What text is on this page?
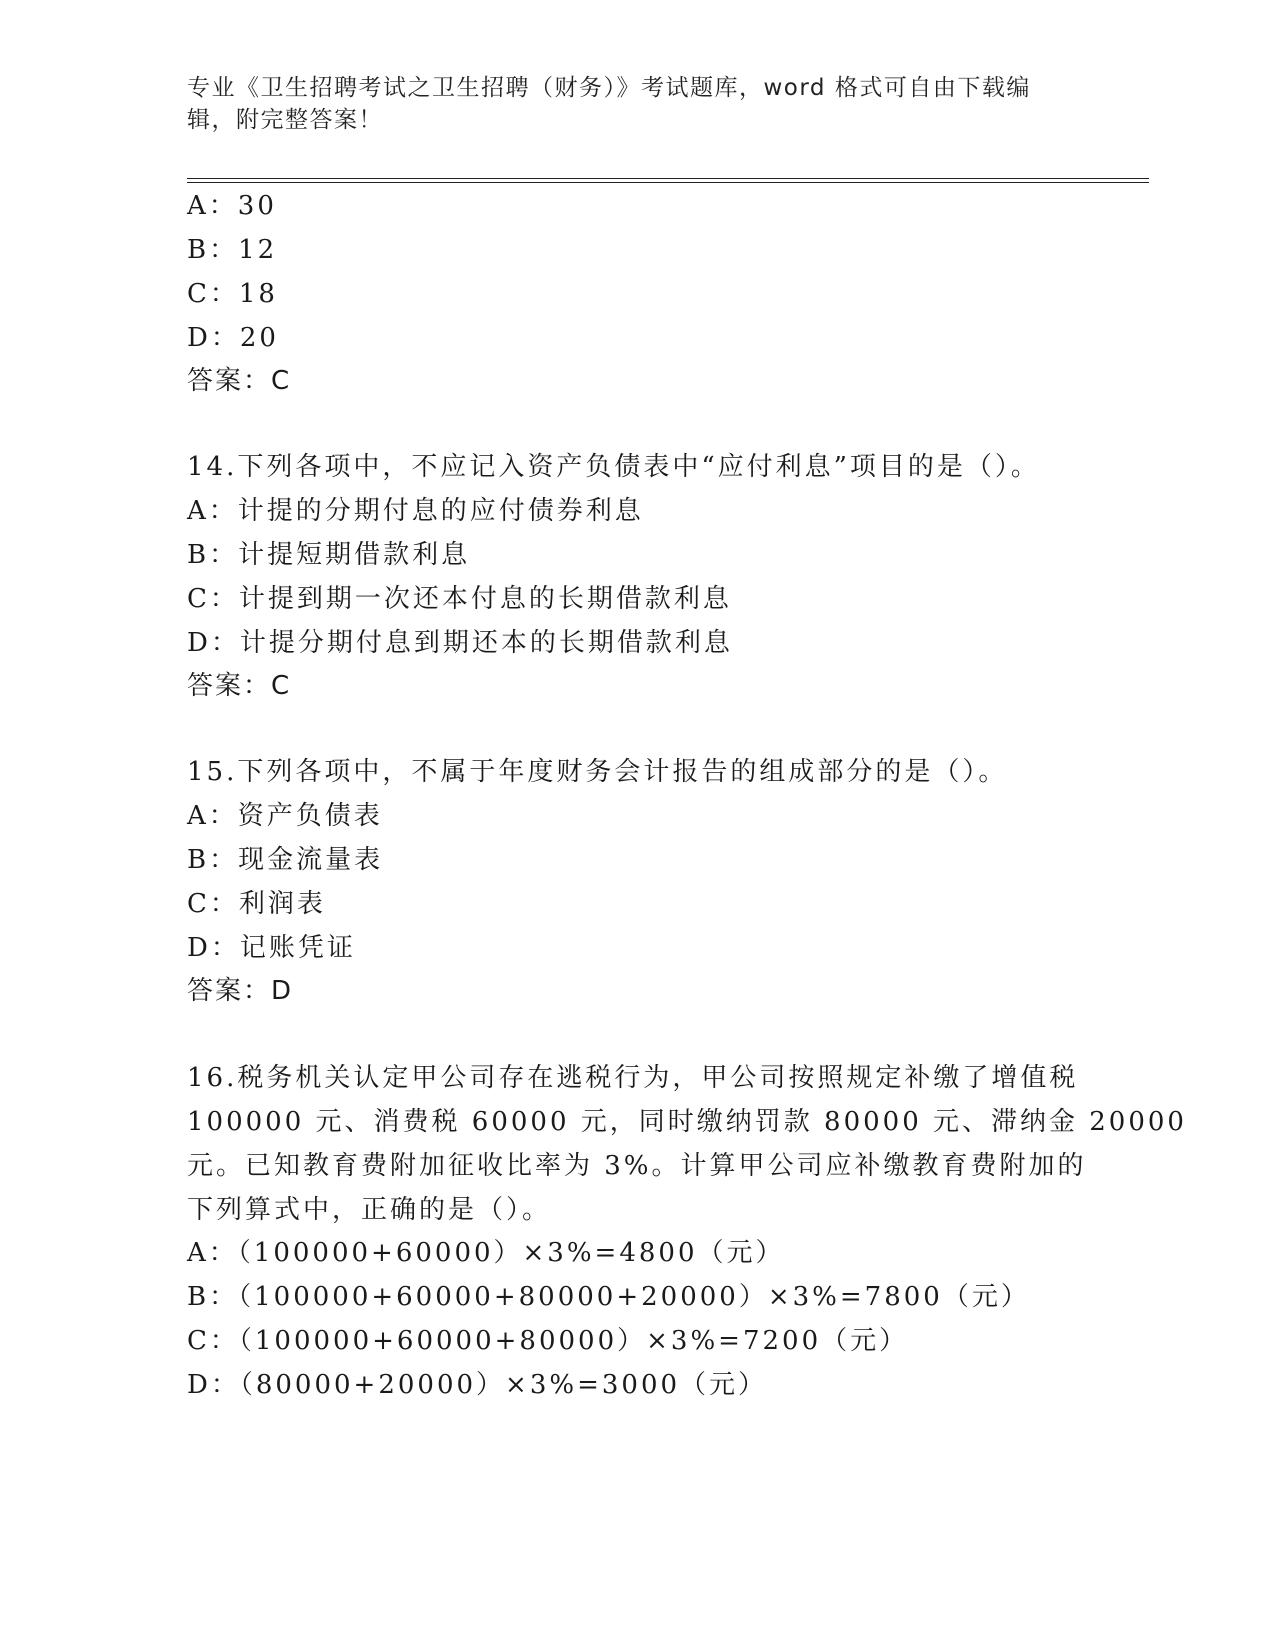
专业《卫生招聘考试之卫生招聘（财务）》考试题库，word 格式可自由下载编辑，附完整答案！
A：30
B：12
C：18
D：20
答案：C
14.下列各项中，不应记入资产负债表中“应付利息”项目的是（）。
A：计提的分期付息的应付债券利息
B：计提短期借款利息
C：计提到期一次还本付息的长期借款利息
D：计提分期付息到期还本的长期借款利息
答案：C
15.下列各项中，不属于年度财务会计报告的组成部分的是（）。
A：资产负债表
B：现金流量表
C：利润表
D：记账凭证
答案：D
16.税务机关认定甲公司存在逃税行为，甲公司按照规定补缴了增值税
100000 元、消费税 60000 元，同时缴纳罚款 80000 元、滞纳金 20000
元。已知教育费附加征收比率为 3%。计算甲公司应补缴教育费附加的
下列算式中，正确的是（）。
A：（100000+60000）×3%=4800（元）
B：（100000+60000+80000+20000）×3%=7800（元）
C：（100000+60000+80000）×3%=7200（元）
D：（80000+20000）×3%=3000（元）
